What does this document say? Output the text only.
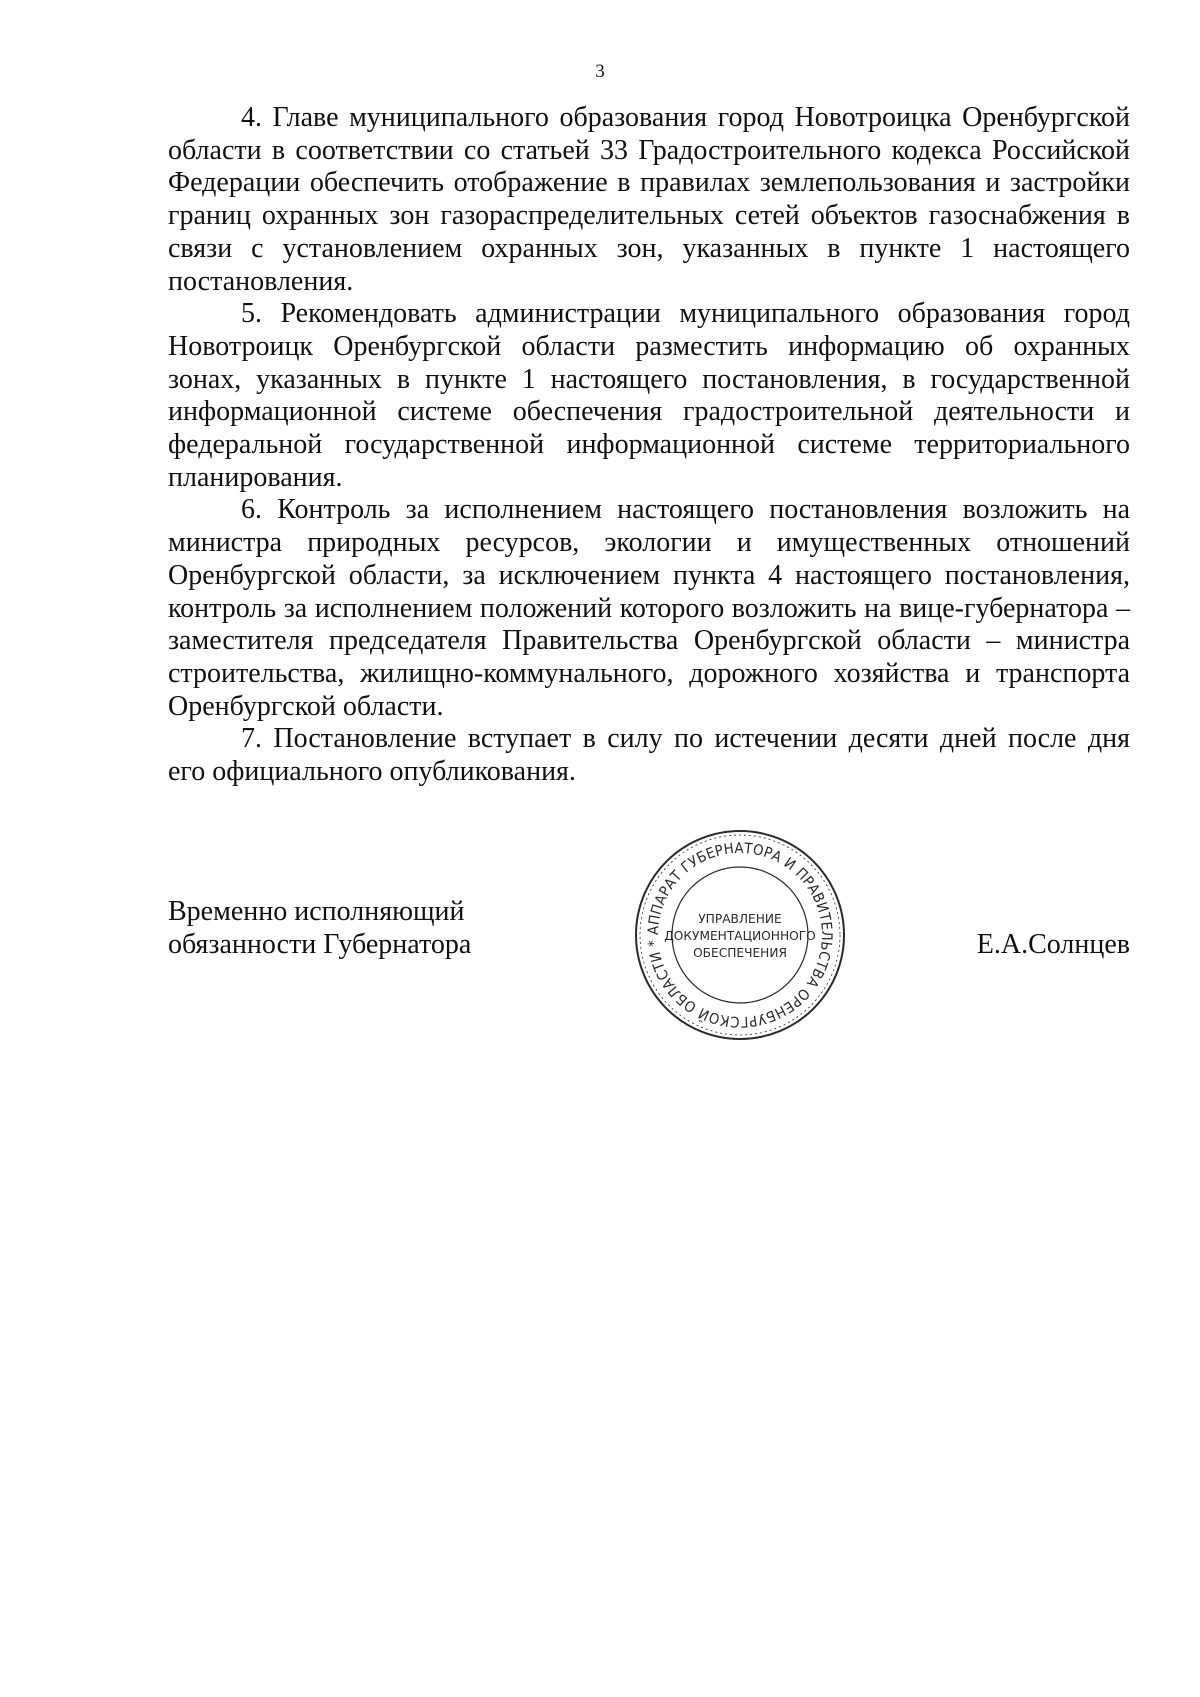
3

4. Главе муниципального образования город Новотроицка Оренбургской области в соответствии со статьей 33 Градостроительного кодекса Российской Федерации обеспечить отображение в правилах землепользования и застройки границ охранных зон газораспределительных сетей объектов газоснабжения в связи с установлением охранных зон, указанных в пункте 1 настоящего постановления.

5. Рекомендовать администрации муниципального образования город Новотроицк Оренбургской области разместить информацию об охранных зонах, указанных в пункте 1 настоящего постановления, в государственной информационной системе обеспечения градостроительной деятельности и федеральной государственной информационной системе территориального планирования.

6. Контроль за исполнением настоящего постановления возложить на министра природных ресурсов, экологии и имущественных отношений Оренбургской области, за исключением пункта 4 настоящего постановления, контроль за исполнением положений которого возложить на вице-губернатора – заместителя председателя Правительства Оренбургской области – министра строительства, жилищно-коммунального, дорожного хозяйства и транспорта Оренбургской области.

7. Постановление вступает в силу по истечении десяти дней после дня его официального опубликования.

Временно исполняющий
обязанности Губернатора	АППАРАТ ГУБЕРНАТОРА И ПРАВИТЕЛЬСТВА ОРЕНБУРГСКОЙ ОБЛАСТИ *
УПРАВЛЕНИЕ
ДОКУМЕНТАЦИОННОГО
ОБЕСПЕЧЕНИЯ	Е.А.Солнцев
